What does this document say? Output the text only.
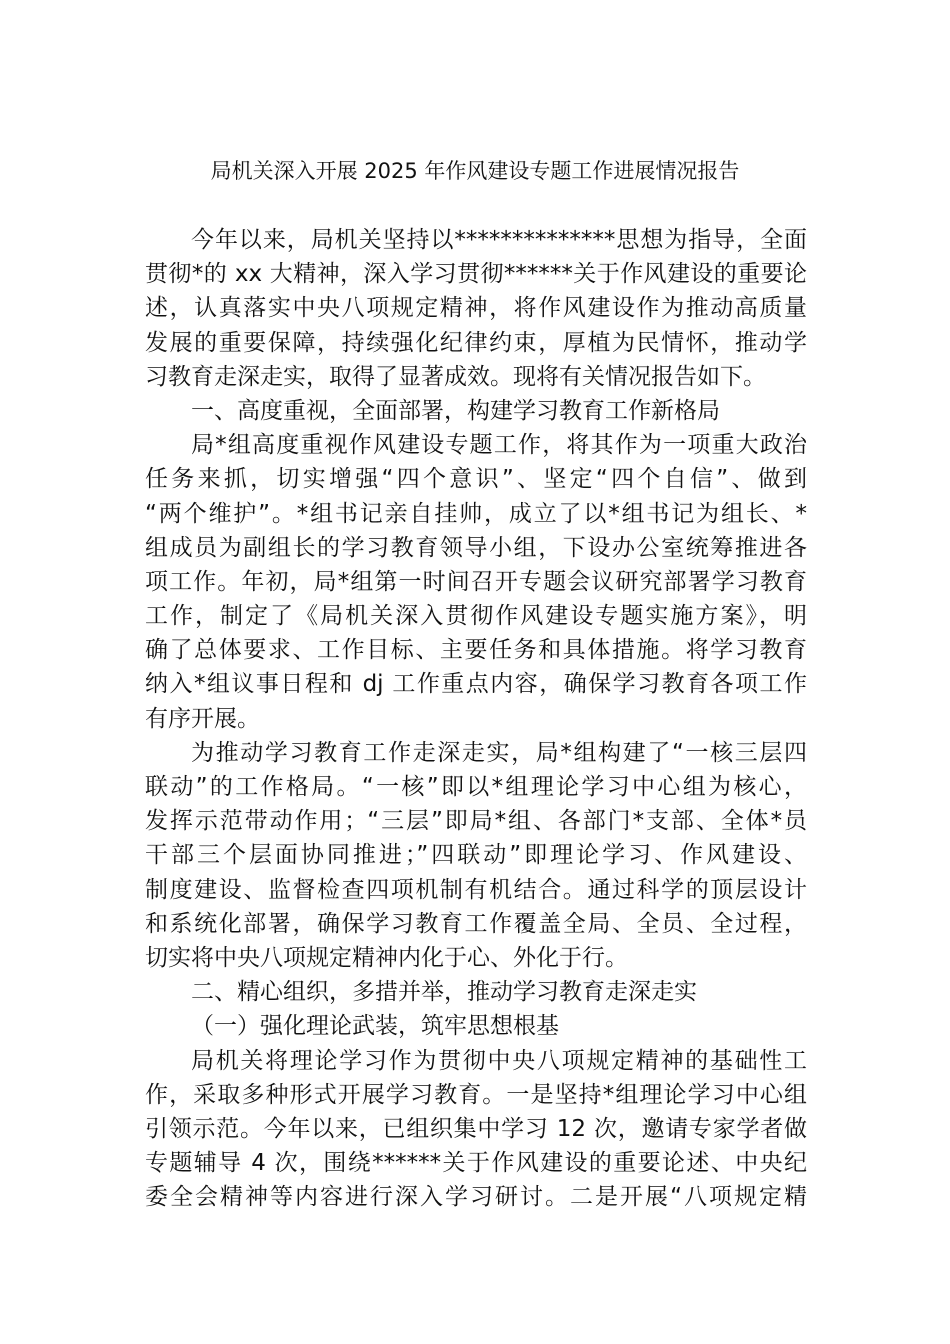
局机关深入开展 2025 年作风建设专题工作进展情况报告
今年以来，局机关坚持以**************思想为指导，全面
贯彻*的 xx 大精神，深入学习贯彻******关于作风建设的重要论
述，认真落实中央八项规定精神，将作风建设作为推动高质量
发展的重要保障，持续强化纪律约束，厚植为民情怀，推动学
习教育走深走实，取得了显著成效。现将有关情况报告如下。
一、高度重视，全面部署，构建学习教育工作新格局
局*组高度重视作风建设专题工作，将其作为一项重大政治
任务来抓，切实增强“四个意识”、坚定“四个自信”、做到
“两个维护”。*组书记亲自挂帅，成立了以*组书记为组长、*
组成员为副组长的学习教育领导小组，下设办公室统筹推进各
项工作。年初，局*组第一时间召开专题会议研究部署学习教育
工作，制定了《局机关深入贯彻作风建设专题实施方案》，明
确了总体要求、工作目标、主要任务和具体措施。将学习教育
纳入*组议事日程和 dj 工作重点内容，确保学习教育各项工作
有序开展。
为推动学习教育工作走深走实，局*组构建了“一核三层四
联动”的工作格局。“一核”即以*组理论学习中心组为核心，
发挥示范带动作用；“三层”即局*组、各部门*支部、全体*员
干部三个层面协同推进；”四联动”即理论学习、作风建设、
制度建设、监督检查四项机制有机结合。通过科学的顶层设计
和系统化部署，确保学习教育工作覆盖全局、全员、全过程，
切实将中央八项规定精神内化于心、外化于行。
二、精心组织，多措并举，推动学习教育走深走实
（一）强化理论武装，筑牢思想根基
局机关将理论学习作为贯彻中央八项规定精神的基础性工
作，采取多种形式开展学习教育。一是坚持*组理论学习中心组
引领示范。今年以来，已组织集中学习 12 次，邀请专家学者做
专题辅导 4 次，围绕******关于作风建设的重要论述、中央纪
委全会精神等内容进行深入学习研讨。二是开展“八项规定精
